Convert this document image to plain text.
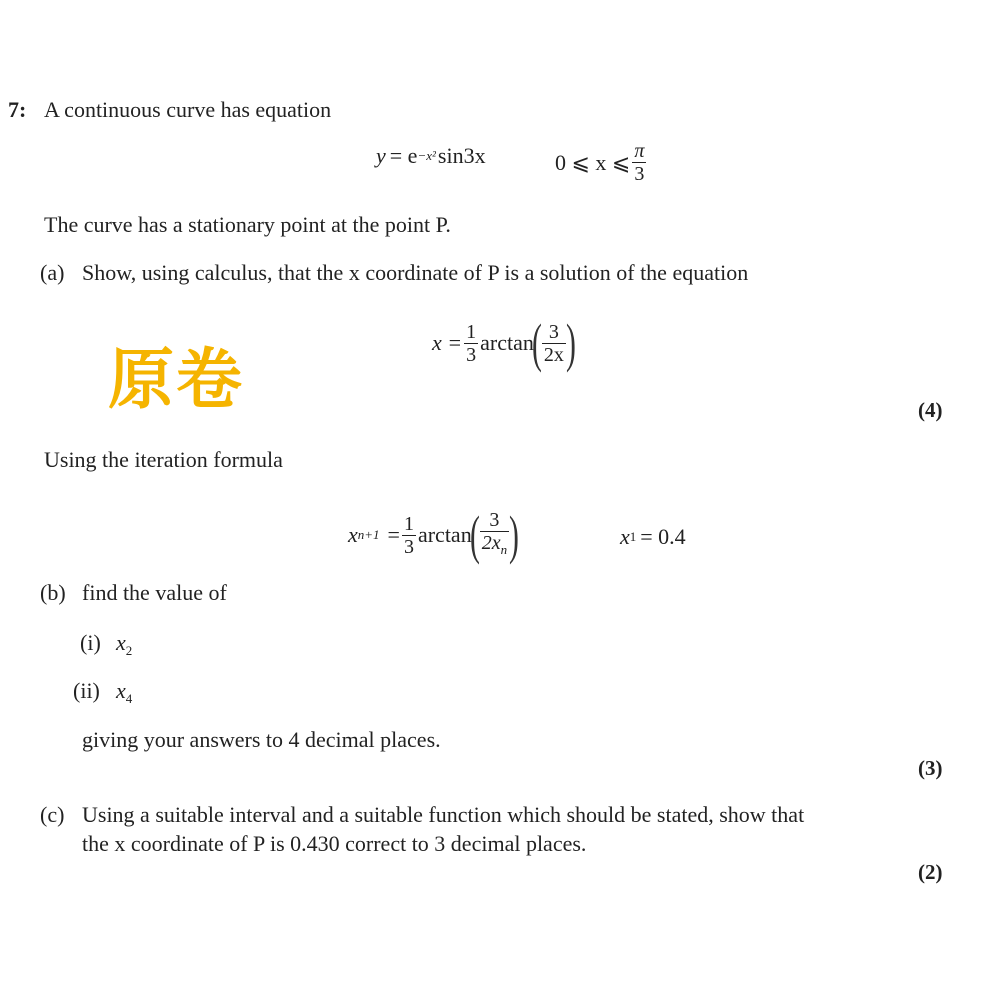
7: A continuous curve has equation
y = e −x² sin3x	0 ⩽ x ⩽ $\frac{\pi}{3}$
The curve has a stationary point at the point P.
(a) Show, using calculus, that the x coordinate of P is a solution of the equation
原卷	$x = \frac{1}{3}$ arctan
( $\frac{3}{2x}$ )
(4)
Using the iteration formula
x $n+1 = \frac{1}{3}$ arctan
( $\frac{3}{2x_n}$ )	x 1 = 0.4
(b) find the value of
(i) $x_2$
(ii) $x_4$
giving your answers to 4 decimal places.
(3)
(c) Using a suitable interval and a suitable function which should be stated, show that
the x coordinate of P is 0.430 correct to 3 decimal places.
(2)
